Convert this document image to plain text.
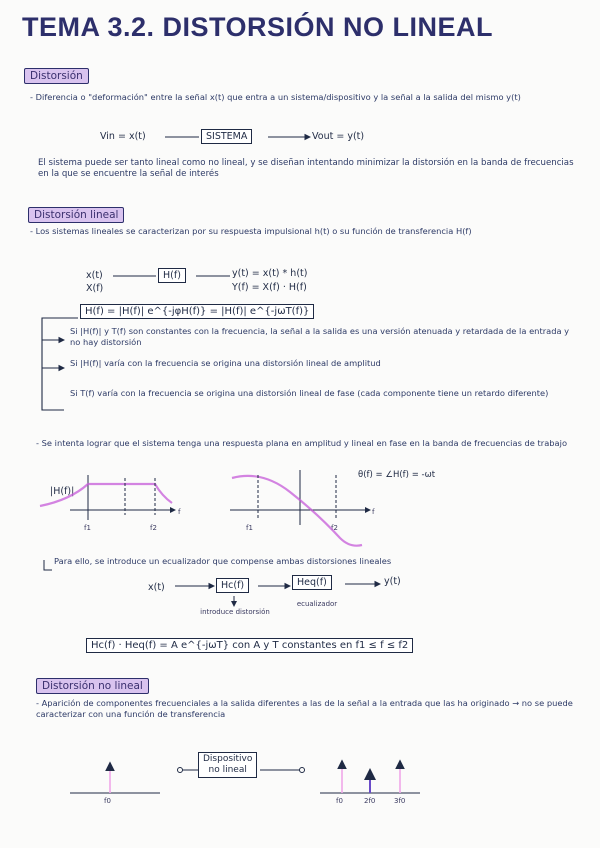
TEMA 3.2. DISTORSIÓN NO LINEAL
Distorsión
- Diferencia o "deformación" entre la señal x(t) que entra a un sistema/dispositivo y la señal a la salida del mismo y(t)
Vin = x(t)	SISTEMA	Vout = y(t)
El sistema puede ser tanto lineal como no lineal, y se diseñan intentando minimizar la distorsión en la banda de frecuencias en la que se encuentre la señal de interés
Distorsión lineal
- Los sistemas lineales se caracterizan por su respuesta impulsional h(t) o su función de transferencia H(f)
x(t)
X(f)
H(f)	y(t) = x(t) * h(t)
Y(f) = X(f) · H(f)
H(f) = |H(f)| e^{-jφH(f)} = |H(f)| e^{-jωT(f)}
Si |H(f)| y T(f) son constantes con la frecuencia, la señal a la salida es una versión atenuada y retardada de la entrada y no hay distorsión
Si |H(f)| varía con la frecuencia se origina una distorsión lineal de amplitud
Si T(f) varía con la frecuencia se origina una distorsión lineal de fase (cada componente tiene un retardo diferente)
- Se intenta lograr que el sistema tenga una respuesta plana en amplitud y lineal en fase en la banda de frecuencias de trabajo
|H(f)|
f1	f2
f
f1	f2
f
θ(f) = ∠H(f) = -ωt
Para ello, se introduce un ecualizador que compense ambas distorsiones lineales
x(t)	Hc(f)	Heq(f)	y(t)
introduce distorsión
ecualizador
Hc(f) · Heq(f) = A e^{-jωT} con A y T constantes en f1 ≤ f ≤ f2
Distorsión no lineal
- Aparición de componentes frecuenciales a la salida diferentes a las de la señal a la entrada que las ha originado → no se puede caracterizar con una función de transferencia
f0
Dispositivo
no lineal
f0	2f0	3f0
